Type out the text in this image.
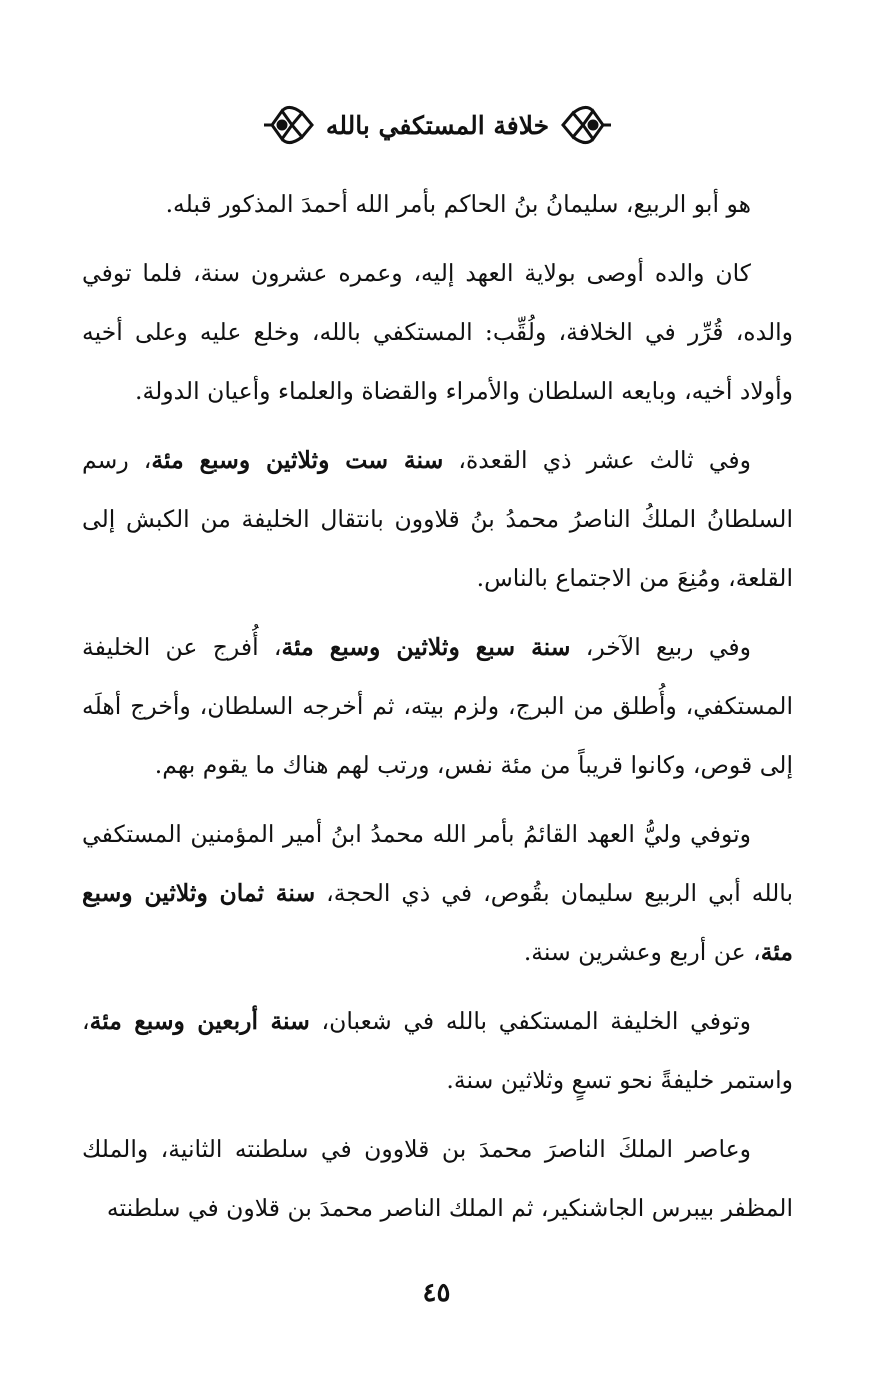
خلافة المستكفي بالله

هو أبو الربيع، سليمانُ بنُ الحاكم بأمر الله أحمدَ المذكور قبله.

كان والده أوصى بولاية العهد إليه، وعمره عشرون سنة، فلما توفي والده، قُرِّر في الخلافة، ولُقِّب: المستكفي بالله، وخلع عليه وعلى أخيه وأولاد أخيه، وبايعه السلطان والأمراء والقضاة والعلماء وأعيان الدولة.

وفي ثالث عشر ذي القعدة، سنة ست وثلاثين وسبع مئة، رسم السلطانُ الملكُ الناصرُ محمدُ بنُ قلاوون بانتقال الخليفة من الكبش إلى القلعة، ومُنِعَ من الاجتماع بالناس.

وفي ربيع الآخر، سنة سبع وثلاثين وسبع مئة، أُفرج عن الخليفة المستكفي، وأُطلق من البرج، ولزم بيته، ثم أخرجه السلطان، وأخرج أهلَه إلى قوص، وكانوا قريباً من مئة نفس، ورتب لهم هناك ما يقوم بهم.

وتوفي وليُّ العهد القائمُ بأمر الله محمدُ ابنُ أمير المؤمنين المستكفي بالله أبي الربيع سليمان بقُوص، في ذي الحجة، سنة ثمان وثلاثين وسبع مئة، عن أربع وعشرين سنة.

وتوفي الخليفة المستكفي بالله في شعبان، سنة أربعين وسبع مئة، واستمر خليفةً نحو تسعٍ وثلاثين سنة.

وعاصر الملكَ الناصرَ محمدَ بن قلاوون في سلطنته الثانية، والملك المظفر بيبرس الجاشنكير، ثم الملك الناصر محمدَ بن قلاون في سلطنته

٤٥
